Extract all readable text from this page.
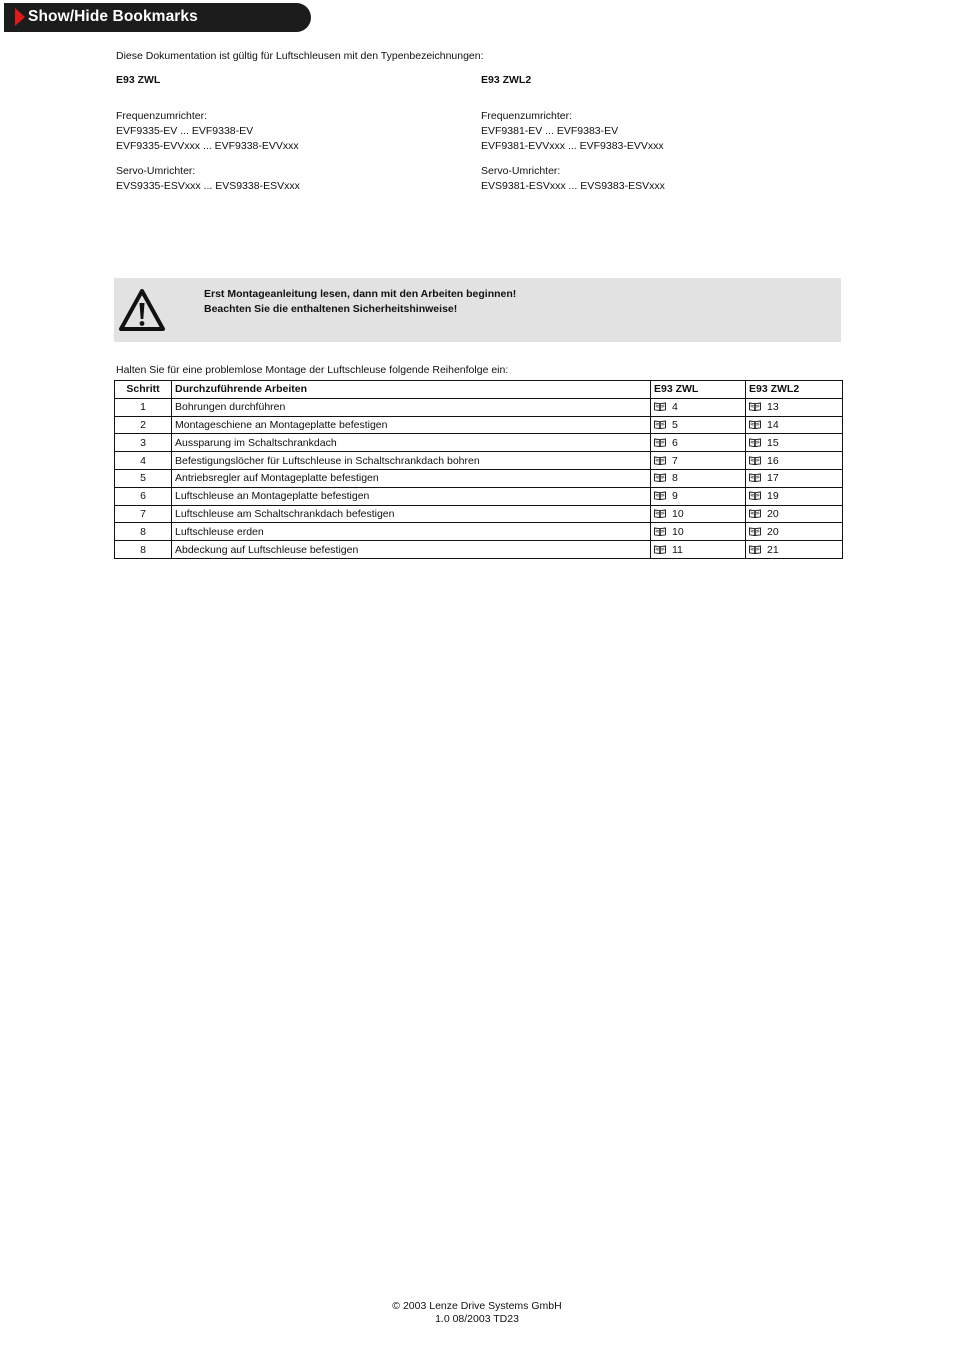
Show/Hide Bookmarks
Diese Dokumentation ist gültig für Luftschleusen mit den Typenbezeichnungen:
E93 ZWL
Frequenzumrichter:
EVF9335-EV ... EVF9338-EV
EVF9335-EVVxxx ... EVF9338-EVVxxx
Servo-Umrichter:
EVS9335-ESVxxx ... EVS9338-ESVxxx
E93 ZWL2
Frequenzumrichter:
EVF9381-EV ... EVF9383-EV
EVF9381-EVVxxx ... EVF9383-EVVxxx
Servo-Umrichter:
EVS9381-ESVxxx ... EVS9383-ESVxxx
Erst Montageanleitung lesen, dann mit den Arbeiten beginnen!
Beachten Sie die enthaltenen Sicherheitshinweise!
Halten Sie für eine problemlose Montage der Luftschleuse folgende Reihenfolge ein:
Schritt	Durchzuführende Arbeiten	E93 ZWL	E93 ZWL2
1	Bohrungen durchführen	4	13
2	Montageschiene an Montageplatte befestigen	5	14
3	Aussparung im Schaltschrankdach	6	15
4	Befestigungslöcher für Luftschleuse in Schaltschrankdach bohren	7	16
5	Antriebsregler auf Montageplatte befestigen	8	17
6	Luftschleuse an Montageplatte befestigen	9	19
7	Luftschleuse am Schaltschrankdach befestigen	10	20
8	Luftschleuse erden	10	20
8	Abdeckung auf Luftschleuse befestigen	11	21
© 2003 Lenze Drive Systems GmbH
1.0 08/2003 TD23
